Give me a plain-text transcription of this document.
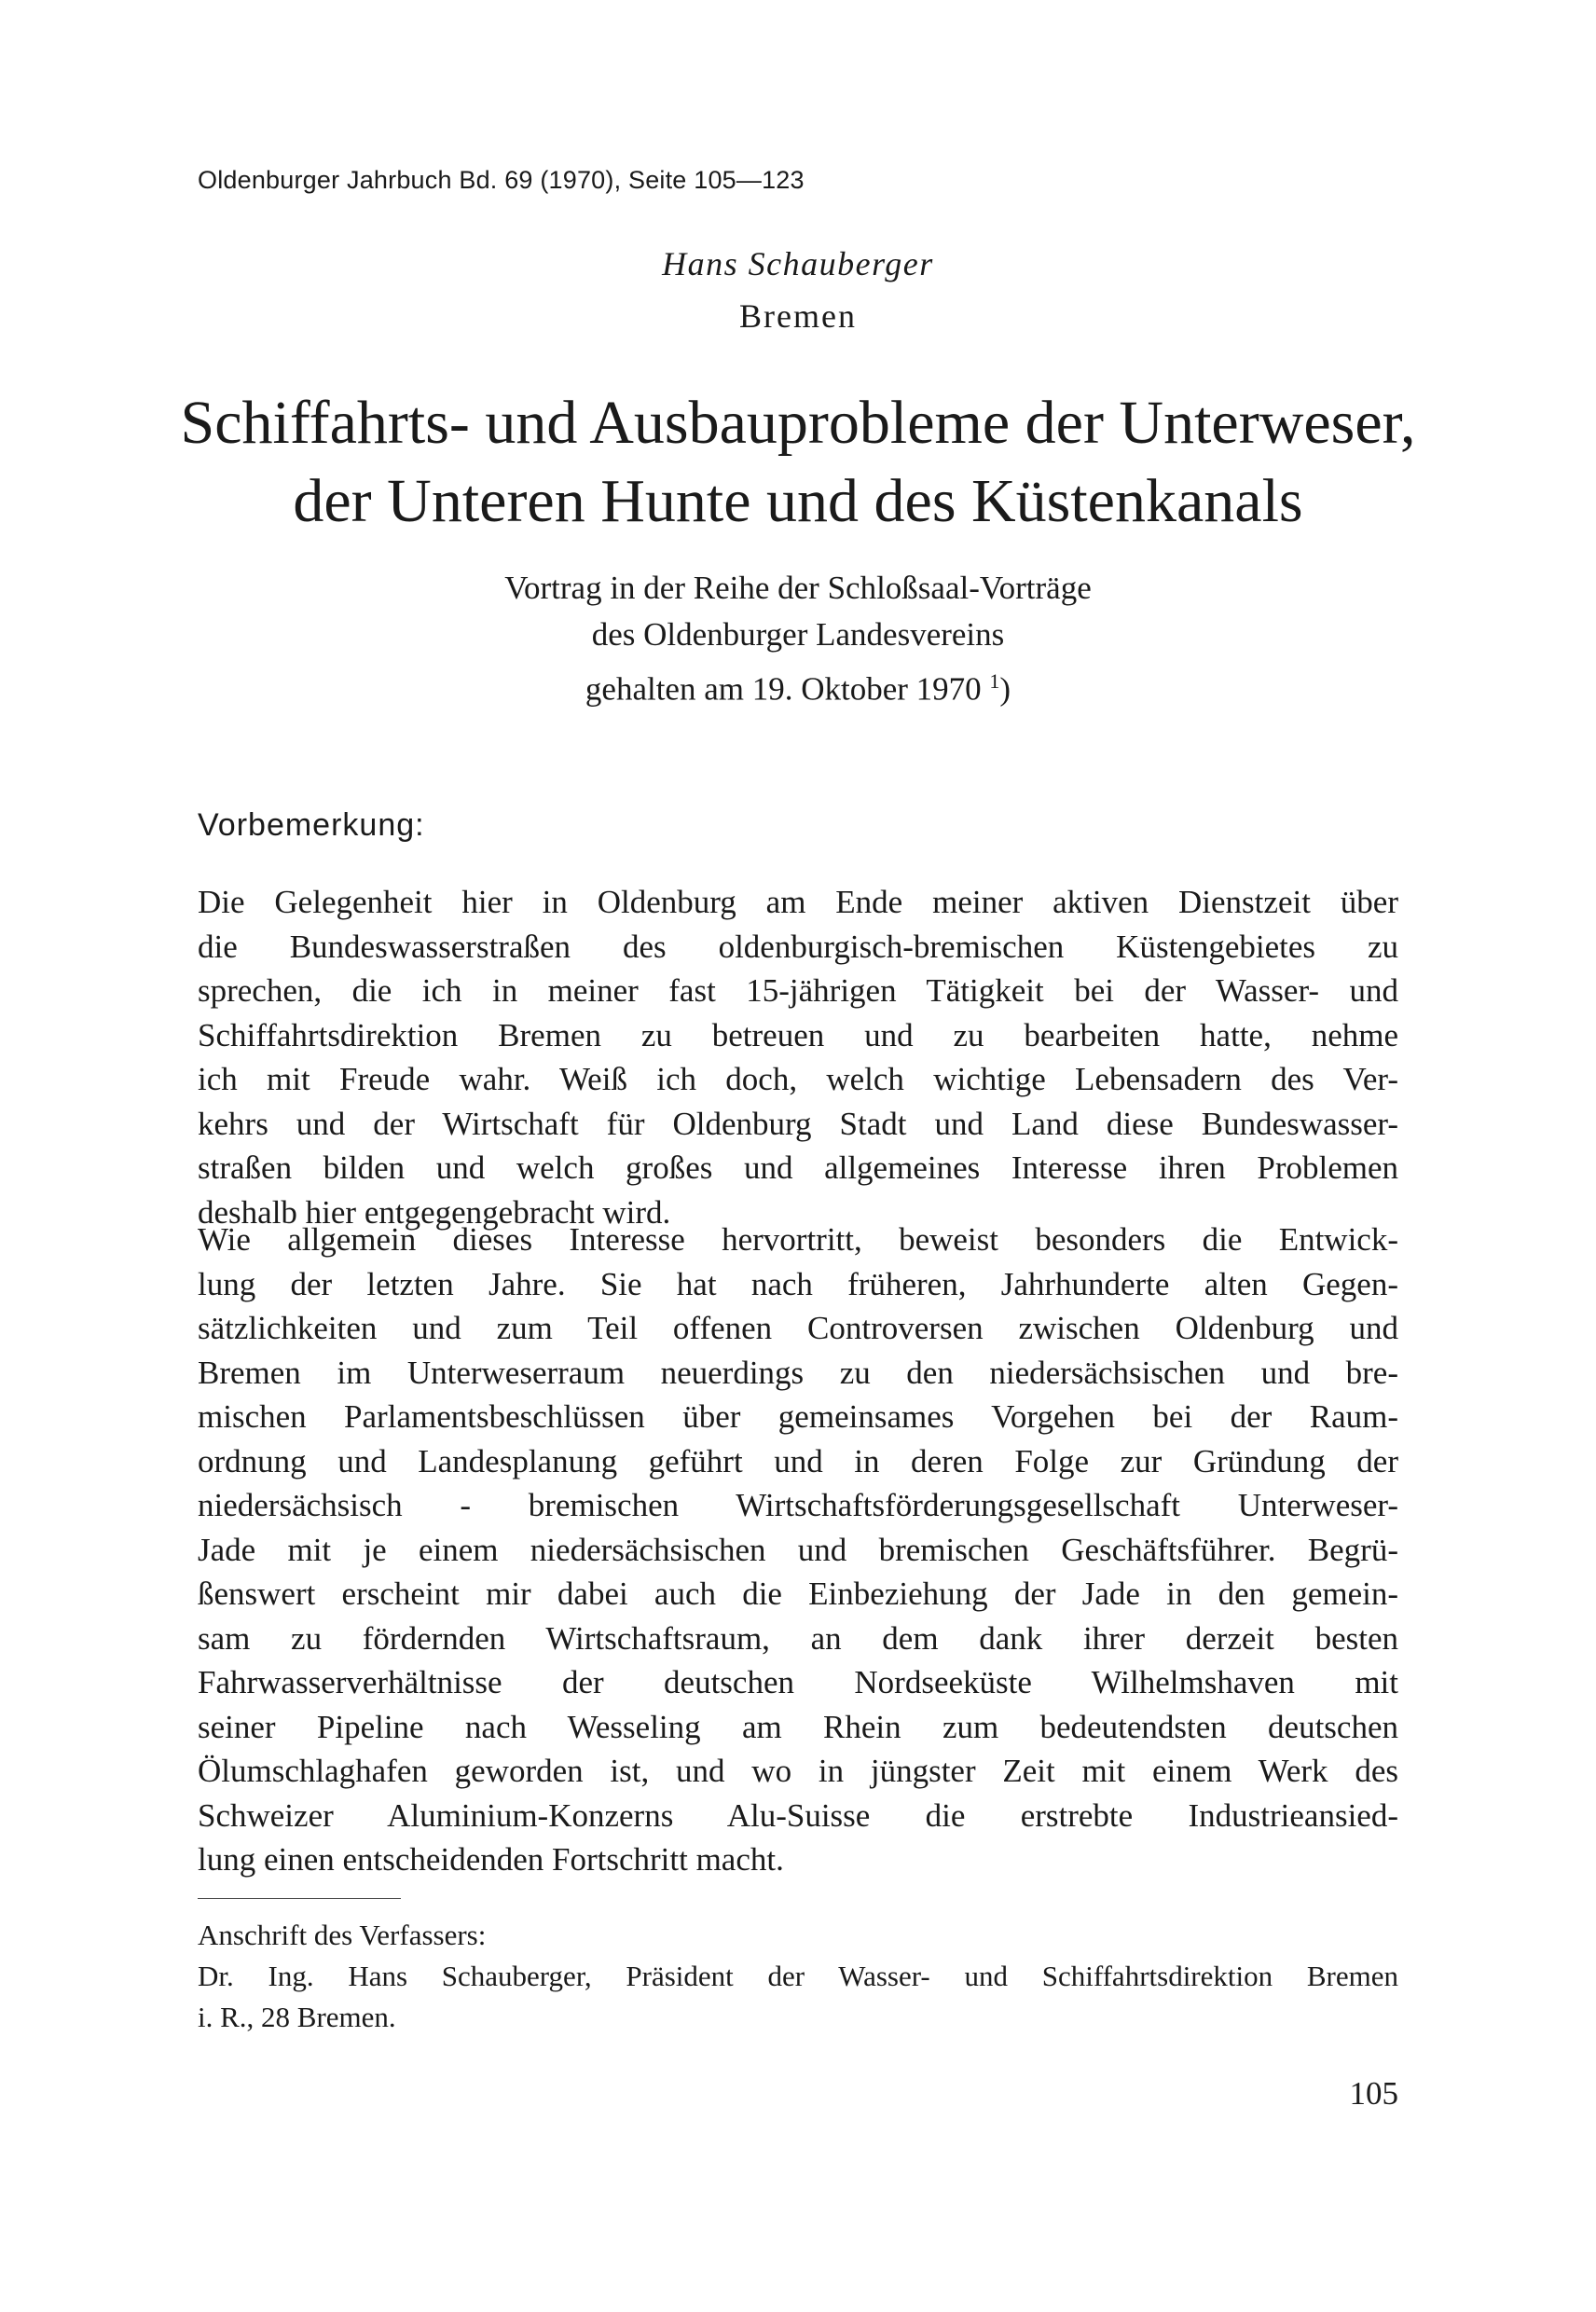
Oldenburger Jahrbuch Bd. 69 (1970), Seite 105—123
Hans Schauberger
Bremen
Schiffahrts- und Ausbauprobleme der Unterweser,
der Unteren Hunte und des Küstenkanals
Vortrag in der Reihe der Schloßsaal-Vorträge
des Oldenburger Landesvereins
gehalten am 19. Oktober 1970 $^1$)
Vorbemerkung:
Die Gelegenheit hier in Oldenburg am Ende meiner aktiven Dienstzeit über
die Bundeswasserstraßen des oldenburgisch-bremischen Küstengebietes zu
sprechen, die ich in meiner fast 15-jährigen Tätigkeit bei der Wasser- und
Schiffahrtsdirektion Bremen zu betreuen und zu bearbeiten hatte, nehme
ich mit Freude wahr. Weiß ich doch, welch wichtige Lebensadern des Ver-
kehrs und der Wirtschaft für Oldenburg Stadt und Land diese Bundeswasser-
straßen bilden und welch großes und allgemeines Interesse ihren Problemen
deshalb hier entgegengebracht wird.
Wie allgemein dieses Interesse hervortritt, beweist besonders die Entwick-
lung der letzten Jahre. Sie hat nach früheren, Jahrhunderte alten Gegen-
sätzlichkeiten und zum Teil offenen Controversen zwischen Oldenburg und
Bremen im Unterweserraum neuerdings zu den niedersächsischen und bre-
mischen Parlamentsbeschlüssen über gemeinsames Vorgehen bei der Raum-
ordnung und Landesplanung geführt und in deren Folge zur Gründung der
niedersächsisch - bremischen Wirtschaftsförderungsgesellschaft Unterweser-
Jade mit je einem niedersächsischen und bremischen Geschäftsführer. Begrü-
ßenswert erscheint mir dabei auch die Einbeziehung der Jade in den gemein-
sam zu fördernden Wirtschaftsraum, an dem dank ihrer derzeit besten
Fahrwasserverhältnisse der deutschen Nordseeküste Wilhelmshaven mit
seiner Pipeline nach Wesseling am Rhein zum bedeutendsten deutschen
Ölumschlaghafen geworden ist, und wo in jüngster Zeit mit einem Werk des
Schweizer Aluminium-Konzerns Alu-Suisse die erstrebte Industrieansied-
lung einen entscheidenden Fortschritt macht.
Anschrift des Verfassers:
Dr. Ing. Hans Schauberger, Präsident der Wasser- und Schiffahrtsdirektion Bremen
i. R., 28 Bremen.
105
